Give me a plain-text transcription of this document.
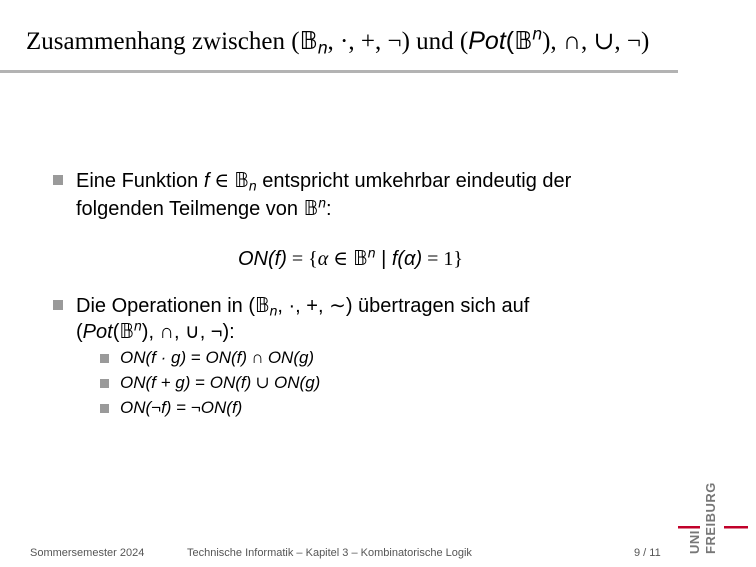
Zusammenhang zwischen (𝔹$_n$, ·, +, ¬) und (Pot(𝔹$^n$), ∩, ∪, ¬)
Eine Funktion f ∈ 𝔹$_n$ entspricht umkehrbar eindeutig der
folgenden Teilmenge von 𝔹$^n$:
ON(f) = {α ∈ 𝔹$^n$ | f(α) = 1}
Die Operationen in (𝔹$_n$, ·, +, ∼) übertragen sich auf
(Pot(𝔹$^n$), ∩, ∪, ¬):
ON(f · g) = ON(f) ∩ ON(g)
ON(f + g) = ON(f) ∪ ON(g)
ON(¬f) = ¬ON(f)
Sommersemester 2024	Technische Informatik – Kapitel 3 – Kombinatorische Logik	9 / 11 UNI FREIBURG
